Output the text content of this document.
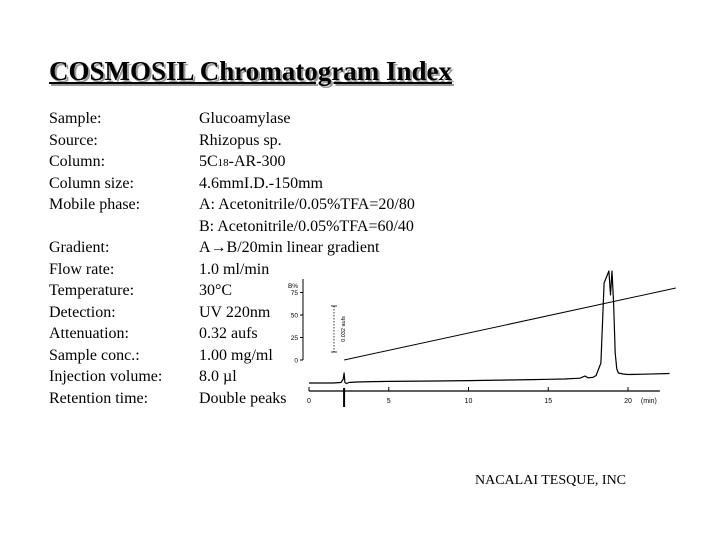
COSMOSIL Chromatogram Index
Sample:	Glucoamylase
Source:	Rhizopus sp.
Column:	5C18-AR-300
Column size:	4.6mmI.D.-150mm
Mobile phase:	A: Acetonitrile/0.05%TFA=20/80
B: Acetonitrile/0.05%TFA=60/40
Gradient:	A→B/20min linear gradient
Flow rate:	1.0 ml/min
Temperature:	30°C
Detection:	UV 220nm
Attenuation:	0.32 aufs
Sample conc.:	1.00 mg/ml
Injection volume: 8.0 µl
Retention time:	Double peaks	0	5	10	15	20 (min)
0
25
50
75
B%
0.032 aufs
NACALAI TESQUE, INC
